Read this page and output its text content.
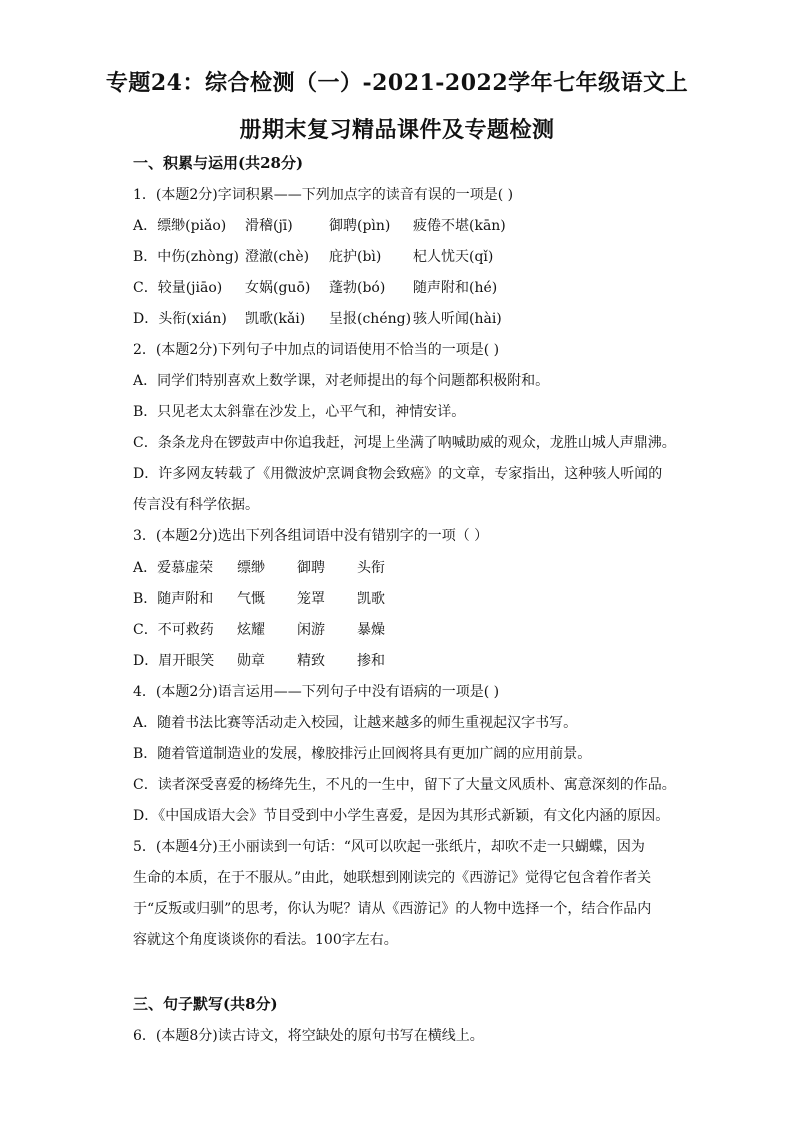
专题24：综合检测（一）-2021-2022学年七年级语文上
册期末复习精品课件及专题检测
一、积累与运用(共28分)
1．(本题2分)字词积累——下列加点字的读音有误的一项是( )
A．缥缈(piǎo) 滑稽(jī)	御聘(pìn) 疲倦不堪(kān)
B．中伤(zhòng) 澄澈(chè) 庇护(bì) 杞人忧天(qǐ)
C．较量(jiāo) 女娲(guō) 蓬勃(bó) 随声附和(hé)
D．头衔(xián) 凯歌(kǎi) 呈报(chéng) 骇人听闻(hài)
2．(本题2分)下列句子中加点的词语使用不恰当的一项是( )
A．同学们特别喜欢上数学课，对老师提出的每个问题都积极附和。
B．只见老太太斜靠在沙发上，心平气和，神情安详。
C．条条龙舟在锣鼓声中你追我赶，河堤上坐满了呐喊助威的观众，龙胜山城人声鼎沸。
D．许多网友转载了《用微波炉烹调食物会致癌》的文章，专家指出，这种骇人听闻的
传言没有科学依据。
3．(本题2分)选出下列各组词语中没有错别字的一项（ ）
A．爱慕虚荣 缥缈 御聘 头衔
B．随声附和 气慨 笼罩 凯歌
C．不可救药 炫耀 闲游 暴燥
D．眉开眼笑 勋章 精致 掺和
4．(本题2分)语言运用——下列句子中没有语病的一项是( )
A．随着书法比赛等活动走入校园，让越来越多的师生重视起汉字书写。
B．随着管道制造业的发展，橡胶排污止回阀将具有更加广阔的应用前景。
C．读者深受喜爱的杨绛先生，不凡的一生中，留下了大量文风质朴、寓意深刻的作品。
D．《中国成语大会》节目受到中小学生喜爱，是因为其形式新颖，有文化内涵的原因。
5．(本题4分)王小丽读到一句话：“风可以吹起一张纸片，却吹不走一只蝴蝶，因为
生命的本质，在于不服从。”由此，她联想到刚读完的《西游记》觉得它包含着作者关
于“反叛或归驯”的思考，你认为呢？请从《西游记》的人物中选择一个，结合作品内
容就这个角度谈谈你的看法。100字左右。
三、句子默写(共8分)
6．(本题8分)读古诗文，将空缺处的原句书写在横线上。
